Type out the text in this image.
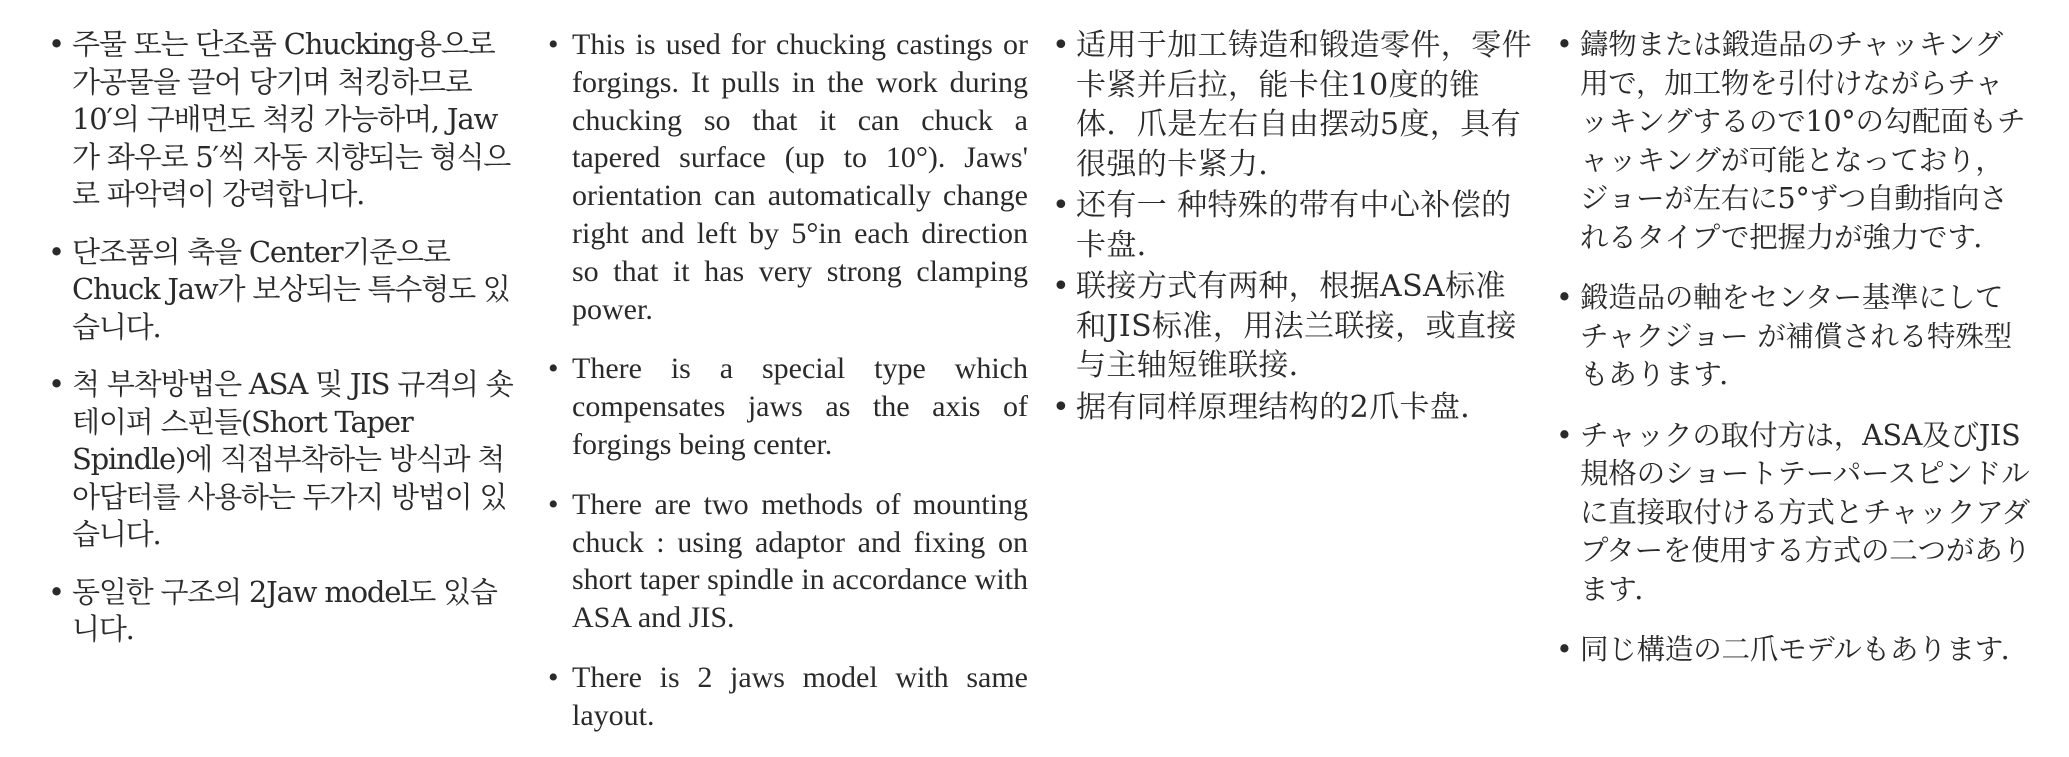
• 주물 또는 단조품 Chucking용으로 가공물을 끌어 당기며 척킹하므로 10′의 구배면도 척킹 가능하며, Jaw가 좌우로 5′씩 자동 지향되는 형식으로 파악력이 강력합니다.
• 단조품의 축을 Center기준으로 Chuck Jaw가 보상되는 특수형도 있습니다.
• 척 부착방법은 ASA 및 JIS 규격의 숏 테이퍼 스핀들(Short Taper Spindle)에 직접부착하는 방식과 척 아답터를 사용하는 두가지 방법이 있습니다.
• 동일한 구조의 2Jaw model도 있습니다.
• This is used for chucking castings or forgings. It pulls in the work during chucking so that it can chuck a tapered surface (up to 10°). Jaws' orientation can automatically change right and left by 5°in each direction so that it has very strong clamping power.
• There is a special type which compensates jaws as the axis of forgings being center.
• There are two methods of mounting chuck : using adaptor and fixing on short taper spindle in accordance with ASA and JIS.
• There is 2 jaws model with same layout.
• 适用于加工铸造和锻造零件，零件卡紧并后拉，能卡住10度的锥体．爪是左右自由摆动5度，具有很强的卡紧力．
• 还有一 种特殊的带有中心补偿的卡盘．
• 联接方式有两种，根据ASA标准和JIS标准，用法兰联接，或直接与主轴短锥联接．
• 据有同样原理结构的2爪卡盘．
• 鑄物または鍛造品のチャッキング用で，加工物を引付けながらチャッキングするので10°の勾配面もチャッキングが可能となっており，ジョーが左右に5°ずつ自動指向されるタイプで把握力が強力です．
• 鍛造品の軸をセンター基準にしてチャクジョー が補償される特殊型もあります．
• チャックの取付方は，ASA及びJIS規格のショートテーパースピンドルに直接取付ける方式とチャックアダプターを使用する方式の二つがあります．
• 同じ構造の二爪モデルもあります．
